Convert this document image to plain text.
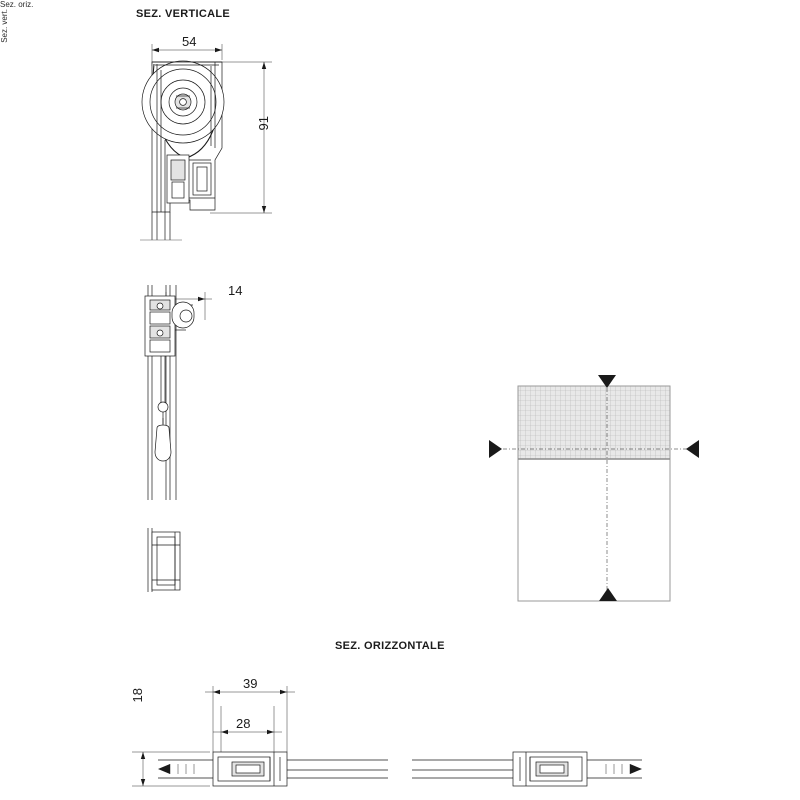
SEZ. VERTICALE
SEZ. ORIZZONTALE
54
91
14
39
28
18
Sez. oriz.
Sez. vert.
